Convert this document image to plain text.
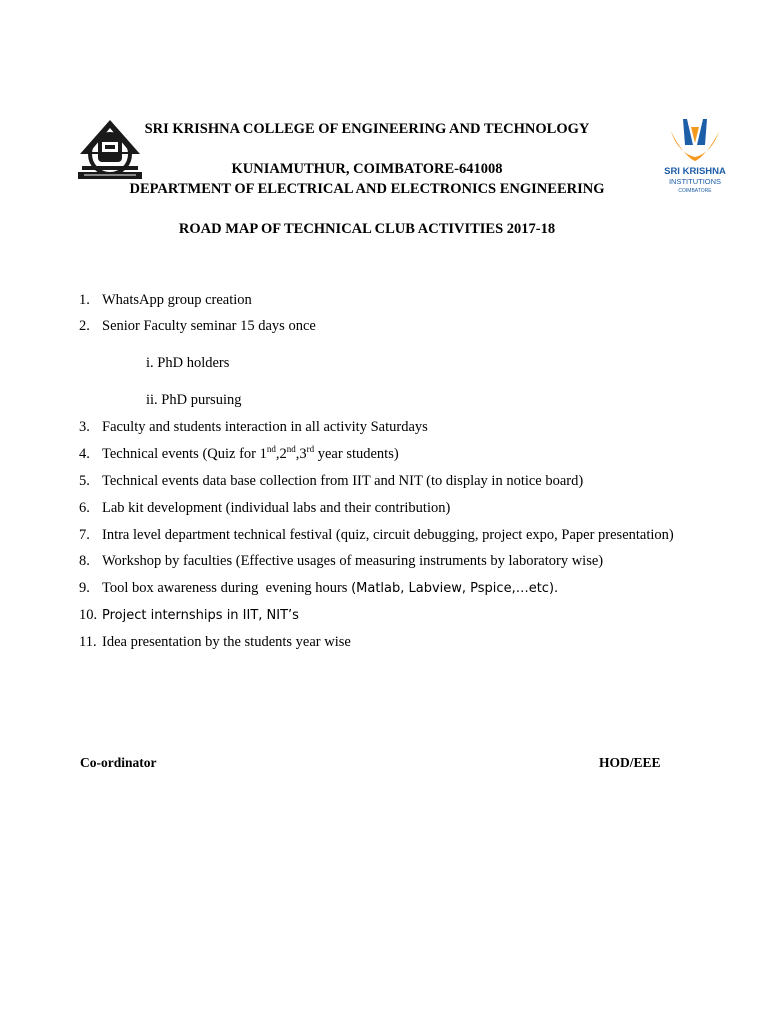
SRI KRISHNA
INSTITUTIONS
COIMBATORE
SRI KRISHNA COLLEGE OF ENGINEERING AND TECHNOLOGY
KUNIAMUTHUR, COIMBATORE-641008
DEPARTMENT OF ELECTRICAL AND ELECTRONICS ENGINEERING
ROAD MAP OF TECHNICAL CLUB ACTIVITIES 2017-18
1. WhatsApp group creation
2. Senior Faculty seminar 15 days once
i. PhD holders
ii. PhD pursuing
3. Faculty and students interaction in all activity Saturdays
4. Technical events (Quiz for 1nd,2nd,3rd year students)
5. Technical events data base collection from IIT and NIT (to display in notice board)
6. Lab kit development (individual labs and their contribution)
7. Intra level department technical festival (quiz, circuit debugging, project expo, Paper presentation)
8. Workshop by faculties (Effective usages of measuring instruments by laboratory wise)
9. Tool box awareness during  evening hours (Matlab, Labview, Pspice,…etc).
10. Project internships in IIT, NIT’s
11. Idea presentation by the students year wise
Co-ordinator	HOD/EEE
